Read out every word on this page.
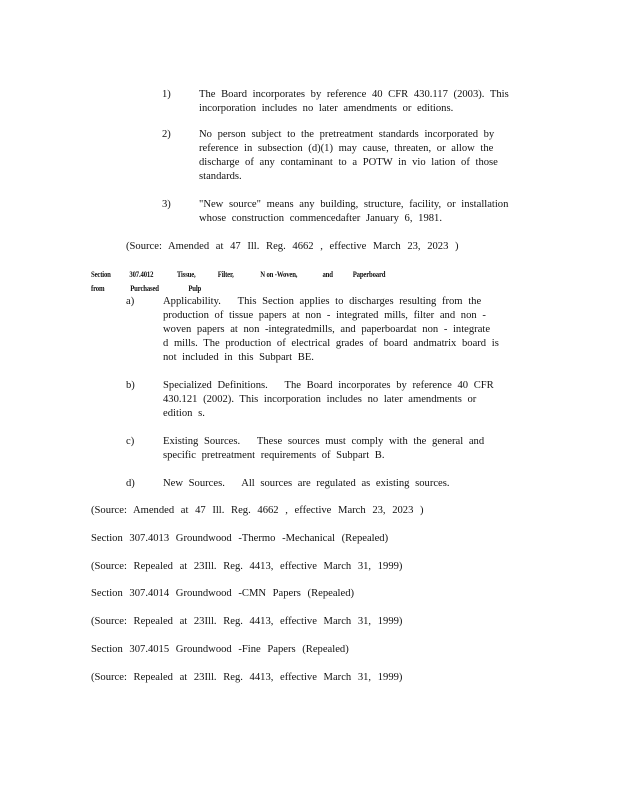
1)	The Board incorporates by reference 40 CFR 430.117 (2003). This incorporation includes no later amendments or editions.
2)	No person subject to the pretreatment standards incorporated by reference in subsection (d)(1) may cause, threaten, or allow the discharge of any contaminant to a POTW in vio lation of those standards.
3)	"New source" means any building, structure, facility, or installation whose construction commencedafter January 6, 1981.
(Source: Amended at 47 Ill. Reg. 4662 , effective March 23, 2023 )
Section 307.4012	Tissue,	Filter,	N on -Woven,	and Paperboard from	Purchased	Pulp
a)	Applicability.   This Section applies to discharges resulting from the production of tissue papers at non - integrated mills, filter and non -woven papers at non -integratedmills, and paperboardat non - integrate d mills. The production of electrical grades of board andmatrix board is not included in this Subpart BE.
b)	Specialized Definitions.   The Board incorporates by reference 40 CFR 430.121 (2002). This incorporation includes no later amendments or edition s.
c)	Existing Sources.   These sources must comply with the general and specific pretreatment requirements of Subpart B.
d)	New Sources.   All sources are regulated as existing sources.
(Source: Amended at 47 Ill. Reg. 4662 , effective March 23, 2023 )
Section 307.4013 Groundwood -Thermo -Mechanical (Repealed)
(Source: Repealed at 23Ill. Reg. 4413, effective March 31, 1999)
Section 307.4014 Groundwood -CMN Papers (Repealed)
(Source: Repealed at 23Ill. Reg. 4413, effective March 31, 1999)
Section 307.4015 Groundwood -Fine Papers (Repealed)
(Source: Repealed at 23Ill. Reg. 4413, effective March 31, 1999)
